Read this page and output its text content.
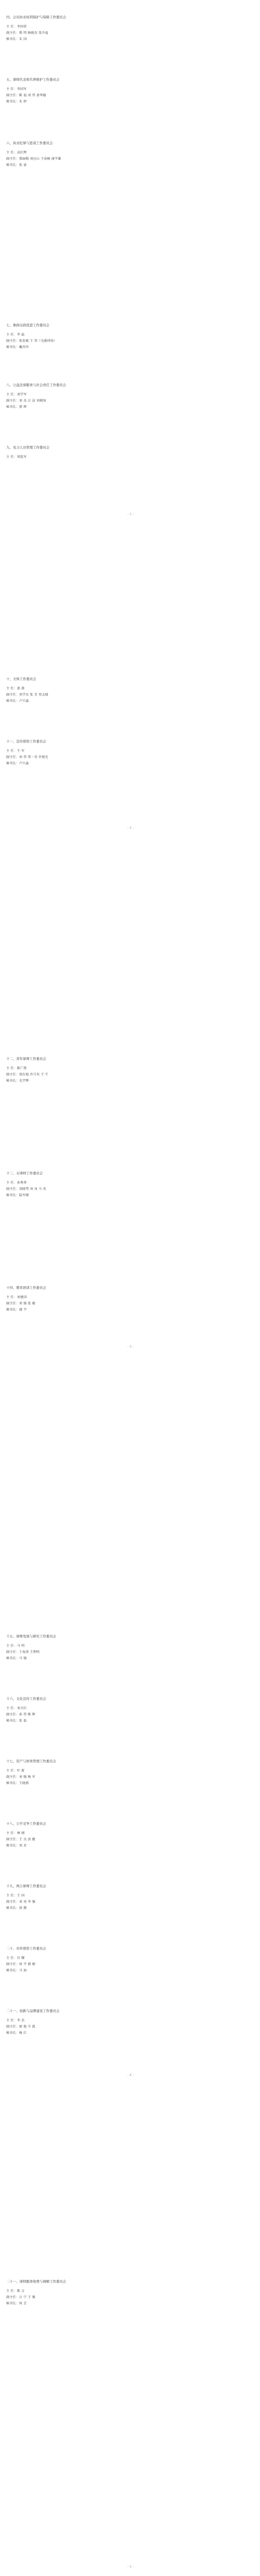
四、会员执业权利保护与保障工作委员会
主 任：李国营
副主任：郑 明 杨晓杰 张升福
秘书长：朱 国
五、律师代表和名誉维护工作委员会
主 任：李国军
副主任：陈 福 刘 伟 黄华德
秘书长：朱 婷
六、执业纪律与惩戒工作委员会
主 任：高红辉
副主任：郑丽梅 刘应山 王春峰 康宇雄
秘书长：张 豪
七、参政议政促进工作委员会
主 任：李 磊
副主任：张宏斌 王 伟（屯溪律协）
秘书长：戴玲玲
八、公益法律服务与社会责任工作委员会
主 任：刘学军
副主任：刘 杰 汪 洁 刘朝国
秘书长：蔡 辉
九、见习人员管理工作委员会
主 任：胡连军
- 1 -
十、文体工作委员会
主 任：邵 燕
副主任：刘学东 张 芳 周义城
秘书长：卢兴淼
十一、宣传联络工作委员会
主 任：王 军
副主任：刘 伟 常一奇 许俊光
秘书长：卢兴淼
- 2 -
十二、青年律师工作委员会
主 任：陈广胜
副主任：胡东旭 乔月英 王 宁
秘书长：毛宇辉
十三、女律师工作委员会
主 任：孙秀香
副主任：胡晓琴 刘 凤 马 英
秘书长：陆军刚
十四、教育培训工作委员会
主 任：刘建国
副主任：刘 强 张 敏
秘书长：谢 宇
- 3 -
十五、律师发展与研究工作委员会
主 任：马 明
副主任：于海涛 王利明
秘书长：马 强
十六、文化宣传工作委员会
主 任：刘卫红
副主任：孙 伟 陈 辉
秘书长：张 磊
十七、资产与财务管理工作委员会
主 任：叶 新
副主任：刘 强 杨 军
秘书长：王晓燕
十八、公平竞争工作委员会
主 任：林 刚
副主任：王 良 黄 健
秘书长：刘 君
十九、两公律师工作委员会
主 任：王 国
副主任：刘 亮 李 强
秘书长：徐 静
二十、对外联络工作委员会
主 任：付 耀
副主任：何 宇 郝 刚
秘书长：马 海
二十一、创新与品牌建设工作委员会
主 任：李 杰
副主任：郭 俊 宁 凯
秘书长：杨 红
- 4 -
二十一、律师服务收费与调解工作委员会
主 任：陈 吉
副主任：汪 宁 王 强
秘书长：何 芸
- 5 -
